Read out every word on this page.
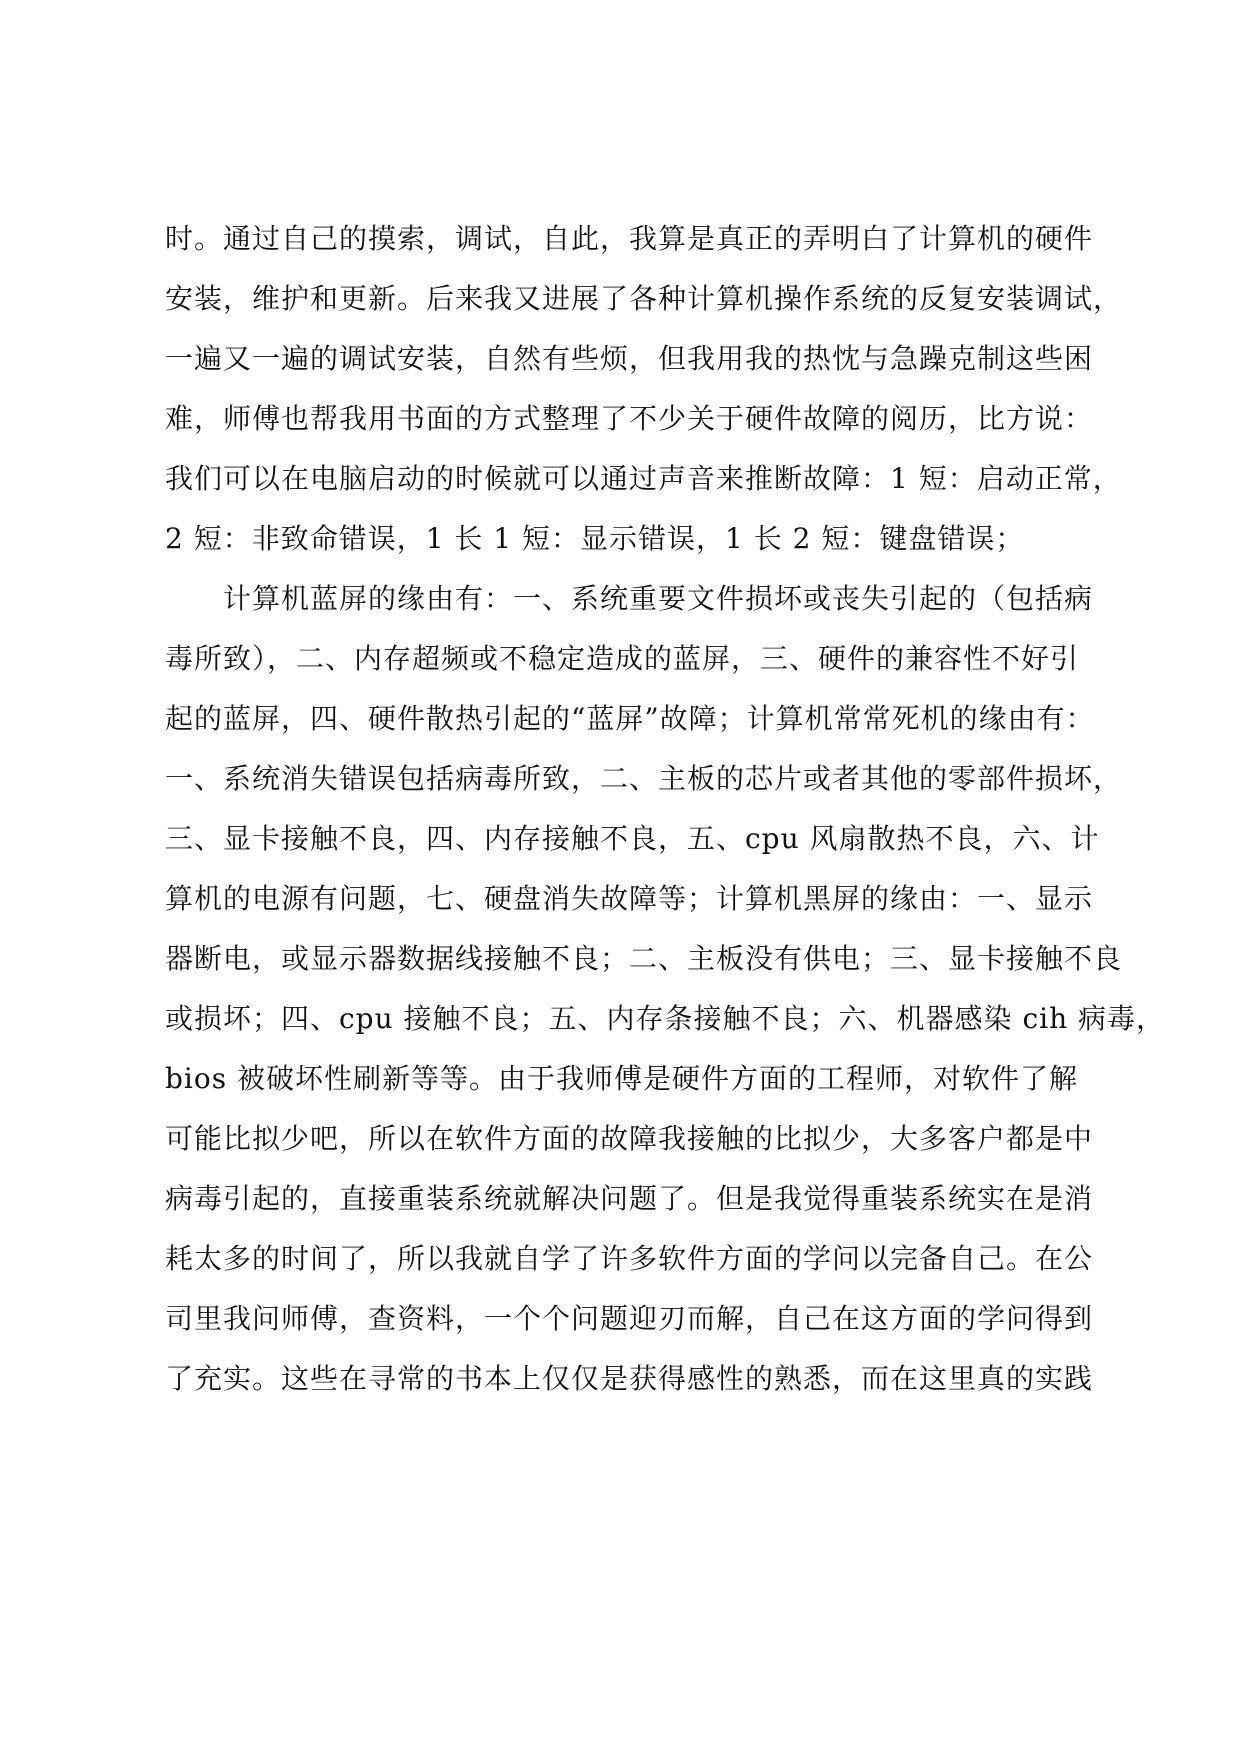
时。通过自己的摸索，调试，自此，我算是真正的弄明白了计算机的硬件
安装，维护和更新。后来我又进展了各种计算机操作系统的反复安装调试，
一遍又一遍的调试安装，自然有些烦，但我用我的热忱与急躁克制这些困
难，师傅也帮我用书面的方式整理了不少关于硬件故障的阅历，比方说：
我们可以在电脑启动的时候就可以通过声音来推断故障：1 短：启动正常，
2 短：非致命错误，1 长 1 短：显示错误，1 长 2 短：键盘错误；
计算机蓝屏的缘由有：一、系统重要文件损坏或丧失引起的（包括病
毒所致），二、内存超频或不稳定造成的蓝屏，三、硬件的兼容性不好引
起的蓝屏，四、硬件散热引起的“蓝屏”故障；计算机常常死机的缘由有：
一、系统消失错误包括病毒所致，二、主板的芯片或者其他的零部件损坏，
三、显卡接触不良，四、内存接触不良，五、cpu 风扇散热不良，六、计
算机的电源有问题，七、硬盘消失故障等；计算机黑屏的缘由：一、显示
器断电，或显示器数据线接触不良；二、主板没有供电；三、显卡接触不良
或损坏；四、cpu 接触不良；五、内存条接触不良；六、机器感染 cih 病毒，
bios 被破坏性刷新等等。由于我师傅是硬件方面的工程师，对软件了解
可能比拟少吧，所以在软件方面的故障我接触的比拟少，大多客户都是中
病毒引起的，直接重装系统就解决问题了。但是我觉得重装系统实在是消
耗太多的时间了，所以我就自学了许多软件方面的学问以完备自己。在公
司里我问师傅，查资料，一个个问题迎刃而解，自己在这方面的学问得到
了充实。这些在寻常的书本上仅仅是获得感性的熟悉，而在这里真的实践
